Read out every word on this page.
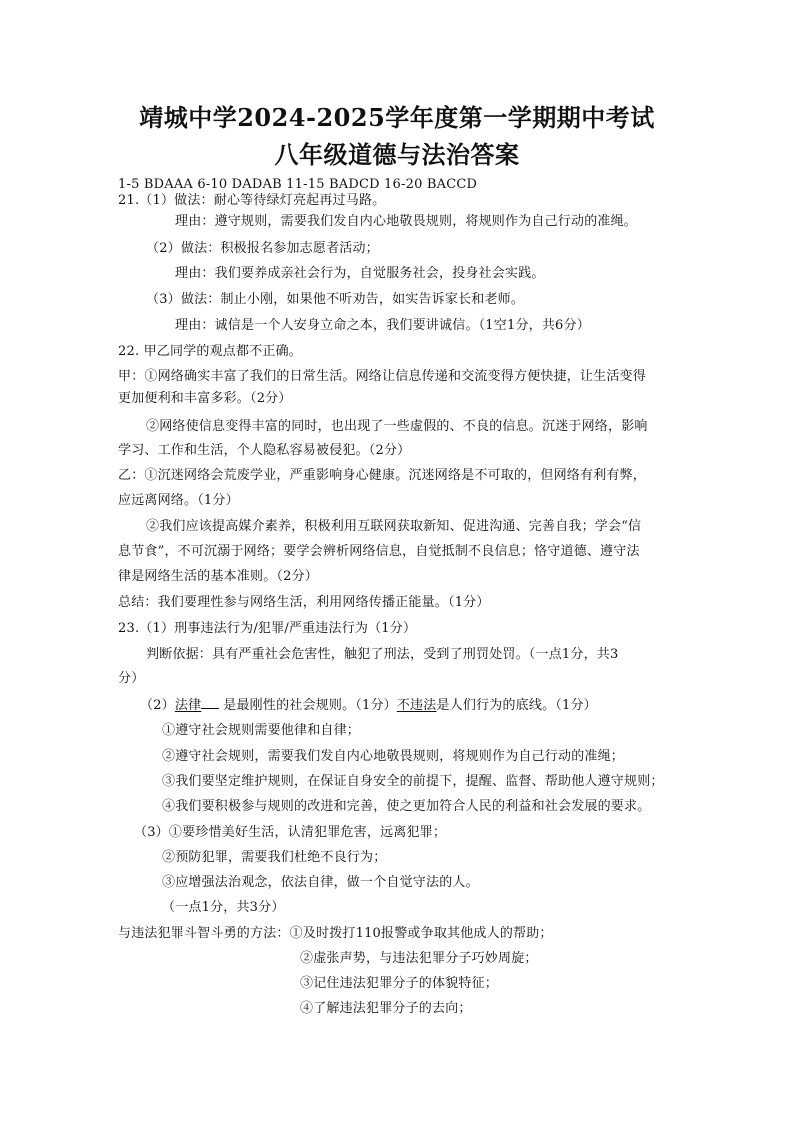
靖城中学2024-2025学年度第一学期期中考试
八年级道德与法治答案
1-5 BDAAA 6-10 DADAB 11-15 BADCD 16-20 BACCD
21.（1）做法：耐心等待绿灯亮起再过马路。
理由：遵守规则，需要我们发自内心地敬畏规则，将规则作为自己行动的准绳。
（2）做法：积极报名参加志愿者活动；
理由：我们要养成亲社会行为，自觉服务社会，投身社会实践。
（3）做法：制止小刚，如果他不听劝告，如实告诉家长和老师。
理由：诚信是一个人安身立命之本，我们要讲诚信。（1空1分，共6分）
22. 甲乙同学的观点都不正确。
甲：①网络确实丰富了我们的日常生活。网络让信息传递和交流变得方便快捷，让生活变得
更加便利和丰富多彩。（2分）
②网络使信息变得丰富的同时，也出现了一些虚假的、不良的信息。沉迷于网络，影响
学习、工作和生活，个人隐私容易被侵犯。（2分）
乙：①沉迷网络会荒废学业，严重影响身心健康。沉迷网络是不可取的，但网络有利有弊，
应远离网络。（1分）
②我们应该提高媒介素养，积极利用互联网获取新知、促进沟通、完善自我；学会“信
息节食”，不可沉溺于网络；要学会辨析网络信息，自觉抵制不良信息；恪守道德、遵守法
律是网络生活的基本准则。（2分）
总结：我们要理性参与网络生活，利用网络传播正能量。（1分）
23.（1）刑事违法行为/犯罪/严重违法行为（1分）
判断依据：具有严重社会危害性，触犯了刑法，受到了刑罚处罚。（一点1分，共3
分）
（2）法律 是最刚性的社会规则。（1分）不违法是人们行为的底线。（1分）
①遵守社会规则需要他律和自律；
②遵守社会规则，需要我们发自内心地敬畏规则，将规则作为自己行动的准绳；
③我们要坚定维护规则，在保证自身安全的前提下，提醒、监督、帮助他人遵守规则；
④我们要积极参与规则的改进和完善，使之更加符合人民的利益和社会发展的要求。
（3）①要珍惜美好生活，认清犯罪危害，远离犯罪；
②预防犯罪，需要我们杜绝不良行为；
③应增强法治观念，依法自律，做一个自觉守法的人。
（一点1分，共3分）
与违法犯罪斗智斗勇的方法：①及时拨打110报警或争取其他成人的帮助；
②虚张声势，与违法犯罪分子巧妙周旋；
③记住违法犯罪分子的体貌特征；
④了解违法犯罪分子的去向；
